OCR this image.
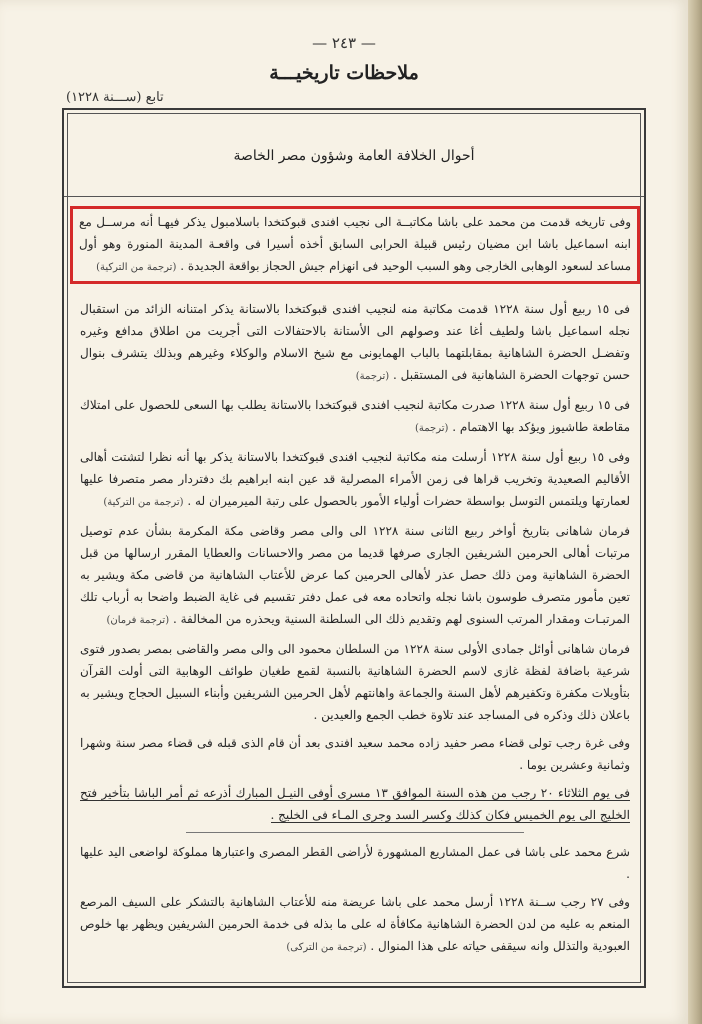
— ٢٤٣ —
ملاحظات تاريخيـــة
تابع (ســـنة ١٢٢٨)
أحوال الخلافة العامة وشؤون مصر الخاصة
وفى تاريخه قدمت من محمد على باشا مكاتبــة الى نجيب افندى قبوكتخدا باسلامبول يذكر فيهـا أنه مرســل مع ابنه اسماعيل باشا ابن مضيان رئيس قبيلة الحرابى السابق أخذه أسيرا فى واقعـة المدينة المنورة وهو أول مساعد لسعود الوهابى الخارجى وهو السبب الوحيد فى انهزام جيش الحجاز بواقعة الجديدة . (ترجمة من التركية)
فى ١٥ ربيع أول سنة ١٢٢٨ قدمت مكاتبة منه لنجيب افندى قبوكتخدا بالاستانة يذكر امتنانه الزائد من استقبال نجله اسماعيل باشا ولطيف أغا عند وصولهم الى الأستانة بالاحتفالات التى أجريت من اطلاق مدافع وغيره وتفضـل الحضرة الشاهانية بمقابلتهما بالباب الهمايونى مع شيخ الاسلام والوكلاء وغيرهم وبذلك يتشرف بنوال حسن توجهات الحضرة الشاهانية فى المستقبل . (ترجمة)
فى ١٥ ربيع أول سنة ١٢٢٨ صدرت مكاتبة لنجيب افندى قبوكتخدا بالاستانة يطلب بها السعى للحصول على امتلاك مقاطعة طاشيوز ويؤكد بها الاهتمام . (ترجمة)
وفى ١٥ ربيع أول سنة ١٢٢٨ أرسلت منه مكاتبة لنجيب افندى قبوكتخدا بالاستانة يذكر بها أنه نظرا لتشتت أهالى الأقاليم الصعيدية وتخريب قراها فى زمن الأمراء المصرلية قد عين ابنه ابراهيم بك دفتردار مصر متصرفا عليها لعمارتها ويلتمس التوسل بواسطة حضرات أولياء الأمور بالحصول على رتبة الميرميران له . (ترجمة من التركية)
فرمان شاهانى بتاريخ أواخر ربيع الثانى سنة ١٢٢٨ الى والى مصر وقاضى مكة المكرمة بشأن عدم توصيل مرتبات أهالى الحرمين الشريفين الجارى صرفها قديما من مصر والاحسانات والعطايا المقرر ارسالها من قبل الحضرة الشاهانية ومن ذلك حصل عذر لأهالى الحرمين كما عرض للأعتاب الشاهانية من قاضى مكة ويشير به تعين مأمور متصرف طوسون باشا نجله واتحاده معه فى عمل دفتر تقسيم فى غاية الضبط واضحا به أرباب تلك المرتبـات ومقدار المرتب السنوى لهم وتقديم ذلك الى السلطنة السنية ويحذره من المخالفة . (ترجمة فرمان)
فرمان شاهانى أوائل جمادى الأولى سنة ١٢٢٨ من السلطان محمود الى والى مصر والقاضى بمصر بصدور فتوى شرعية باضافة لفظة غازى لاسم الحضرة الشاهانية بالنسبة لقمع طغيان طوائف الوهابية التى أولت القرآن بتأويلات مكفرة وتكفيرهم لأهل السنة والجماعة واهانتهم لأهل الحرمين الشريفين وأبناء السبيل الحجاج ويشير به باعلان ذلك وذكره فى المساجد عند تلاوة خطب الجمع والعيدين .
وفى غرة رجب تولى قضاء مصر حفيد زاده محمد سعيد افندى بعد أن قام الذى قبله فى قضاء مصر سنة وشهرا وثمانية وعشرين يوما .
فى يوم الثلاثاء ٢٠ رجب من هذه السنة الموافق ١٣ مسرى أوفى النيـل المبارك أذرعه ثم أمر الباشا بتأخير فتح الخليج الى يوم الخميس فكان كذلك وكسر السد وجرى المـاء فى الخليج .
شرع محمد على باشا فى عمل المشاريع المشهورة لأراضى القطر المصرى واعتبارها مملوكة لواضعى اليد عليها .
وفى ٢٧ رجب ســنة ١٢٢٨ أرسل محمد على باشا عريضة منه للأعتاب الشاهانية بالتشكر على السيف المرصع المنعم به عليه من لدن الحضرة الشاهانية مكافأة له على ما بذله فى خدمة الحرمين الشريفين ويظهر بها خلوص العبودية والتذلل وانه سيقفى حياته على هذا المنوال . (ترجمة من التركى)
